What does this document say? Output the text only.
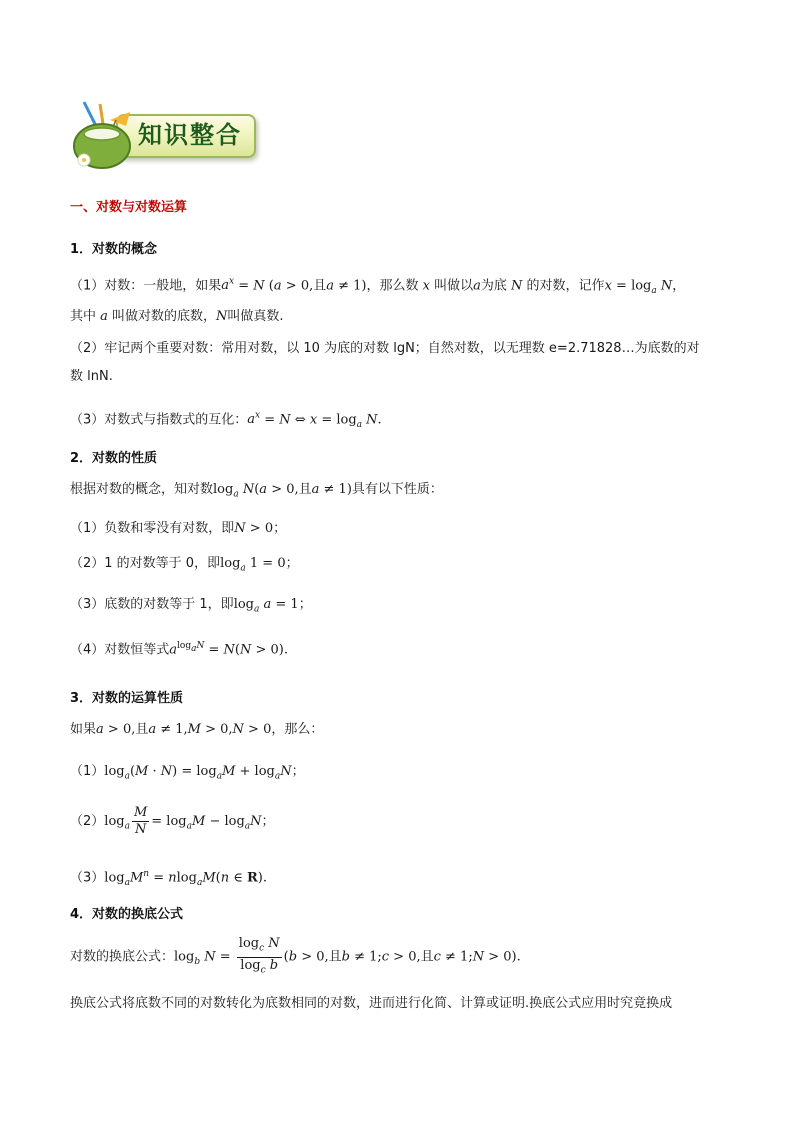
知识整合
一、对数与对数运算
1．对数的概念
（1）对数：一般地，如果$a^x = N$ (a > 0,且a ≠ 1)，那么数 x 叫做以a为底 N 的对数，记作$x = \log_a N$，
其中 a 叫做对数的底数，N叫做真数.
（2）牢记两个重要对数：常用对数，以 10 为底的对数 lgN；自然对数，以无理数 e=2.71828…为底数的对
数 lnN.
（3）对数式与指数式的互化：$a^x = N$ ⇔ $x = \log_a N$.
2．对数的性质
根据对数的概念，知对数$\log_a N(a > 0$,且a ≠ 1)具有以下性质：
（1）负数和零没有对数，即N > 0；
（2）1 的对数等于 0，即$\log_a 1 = 0$；
（3）底数的对数等于 1，即$\log_a a = 1$；
（4）对数恒等式$a^{log_aN} = N(N > 0)$.
3．对数的运算性质
如果a > 0,且a ≠ 1,M > 0,N > 0，那么：
$(1)\log_a(M \cdot N) = \log_aM + \log_aN$；
$(2)\log_a \frac{M}{N} = \log_aM - \log_aN$；
$(3)\log_aM^n = nlog_aM(n$ ∈ R).
4．对数的换底公式
对数的换底公式：$\log_b N = \frac{\log_c N}{\log_c b} (b > 0$,且b ≠ 1;c > 0,且c ≠ 1;N > 0).
换底公式将底数不同的对数转化为底数相同的对数，进而进行化简、计算或证明.换底公式应用时究竟换成
